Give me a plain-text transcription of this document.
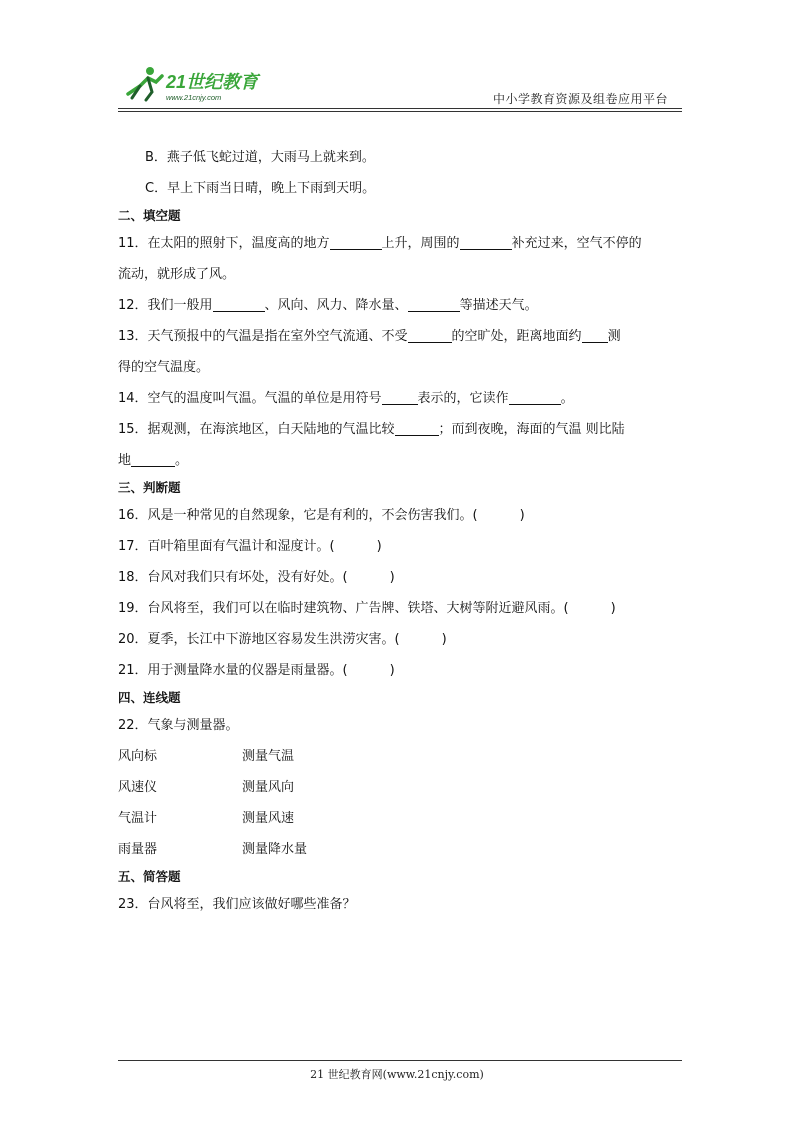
21世纪教育
www.21cnjy.com	中小学教育资源及组卷应用平台
B．燕子低飞蛇过道，大雨马上就来到。
C．早上下雨当日晴，晚上下雨到天明。
二、填空题
11．在太阳的照射下，温度高的地方	上升，周围的	补充过来，空气不停的
流动，就形成了风。
12．我们一般用	、风向、风力、降水量、	等描述天气。
13．天气预报中的气温是指在室外空气流通、不受	的空旷处，距离地面约 测
得的空气温度。
14．空气的温度叫气温。气温的单位是用符号	表示的，它读作	。
15．据观测，在海滨地区，白天陆地的气温比较	；而到夜晚，海面的气温 则比陆
地	。
三、判断题
16．风是一种常见的自然现象，它是有利的，不会伤害我们。(	)
17．百叶箱里面有气温计和湿度计。(	)
18．台风对我们只有坏处，没有好处。(	)
19．台风将至，我们可以在临时建筑物、广告牌、铁塔、大树等附近避风雨。(	)
20．夏季，长江中下游地区容易发生洪涝灾害。(	)
21．用于测量降水量的仪器是雨量器。(	)
四、连线题
22．气象与测量器。
风向标	测量气温
风速仪	测量风向
气温计	测量风速
雨量器	测量降水量
五、简答题
23．台风将至，我们应该做好哪些准备？
21 世纪教育网(www.21cnjy.com)
